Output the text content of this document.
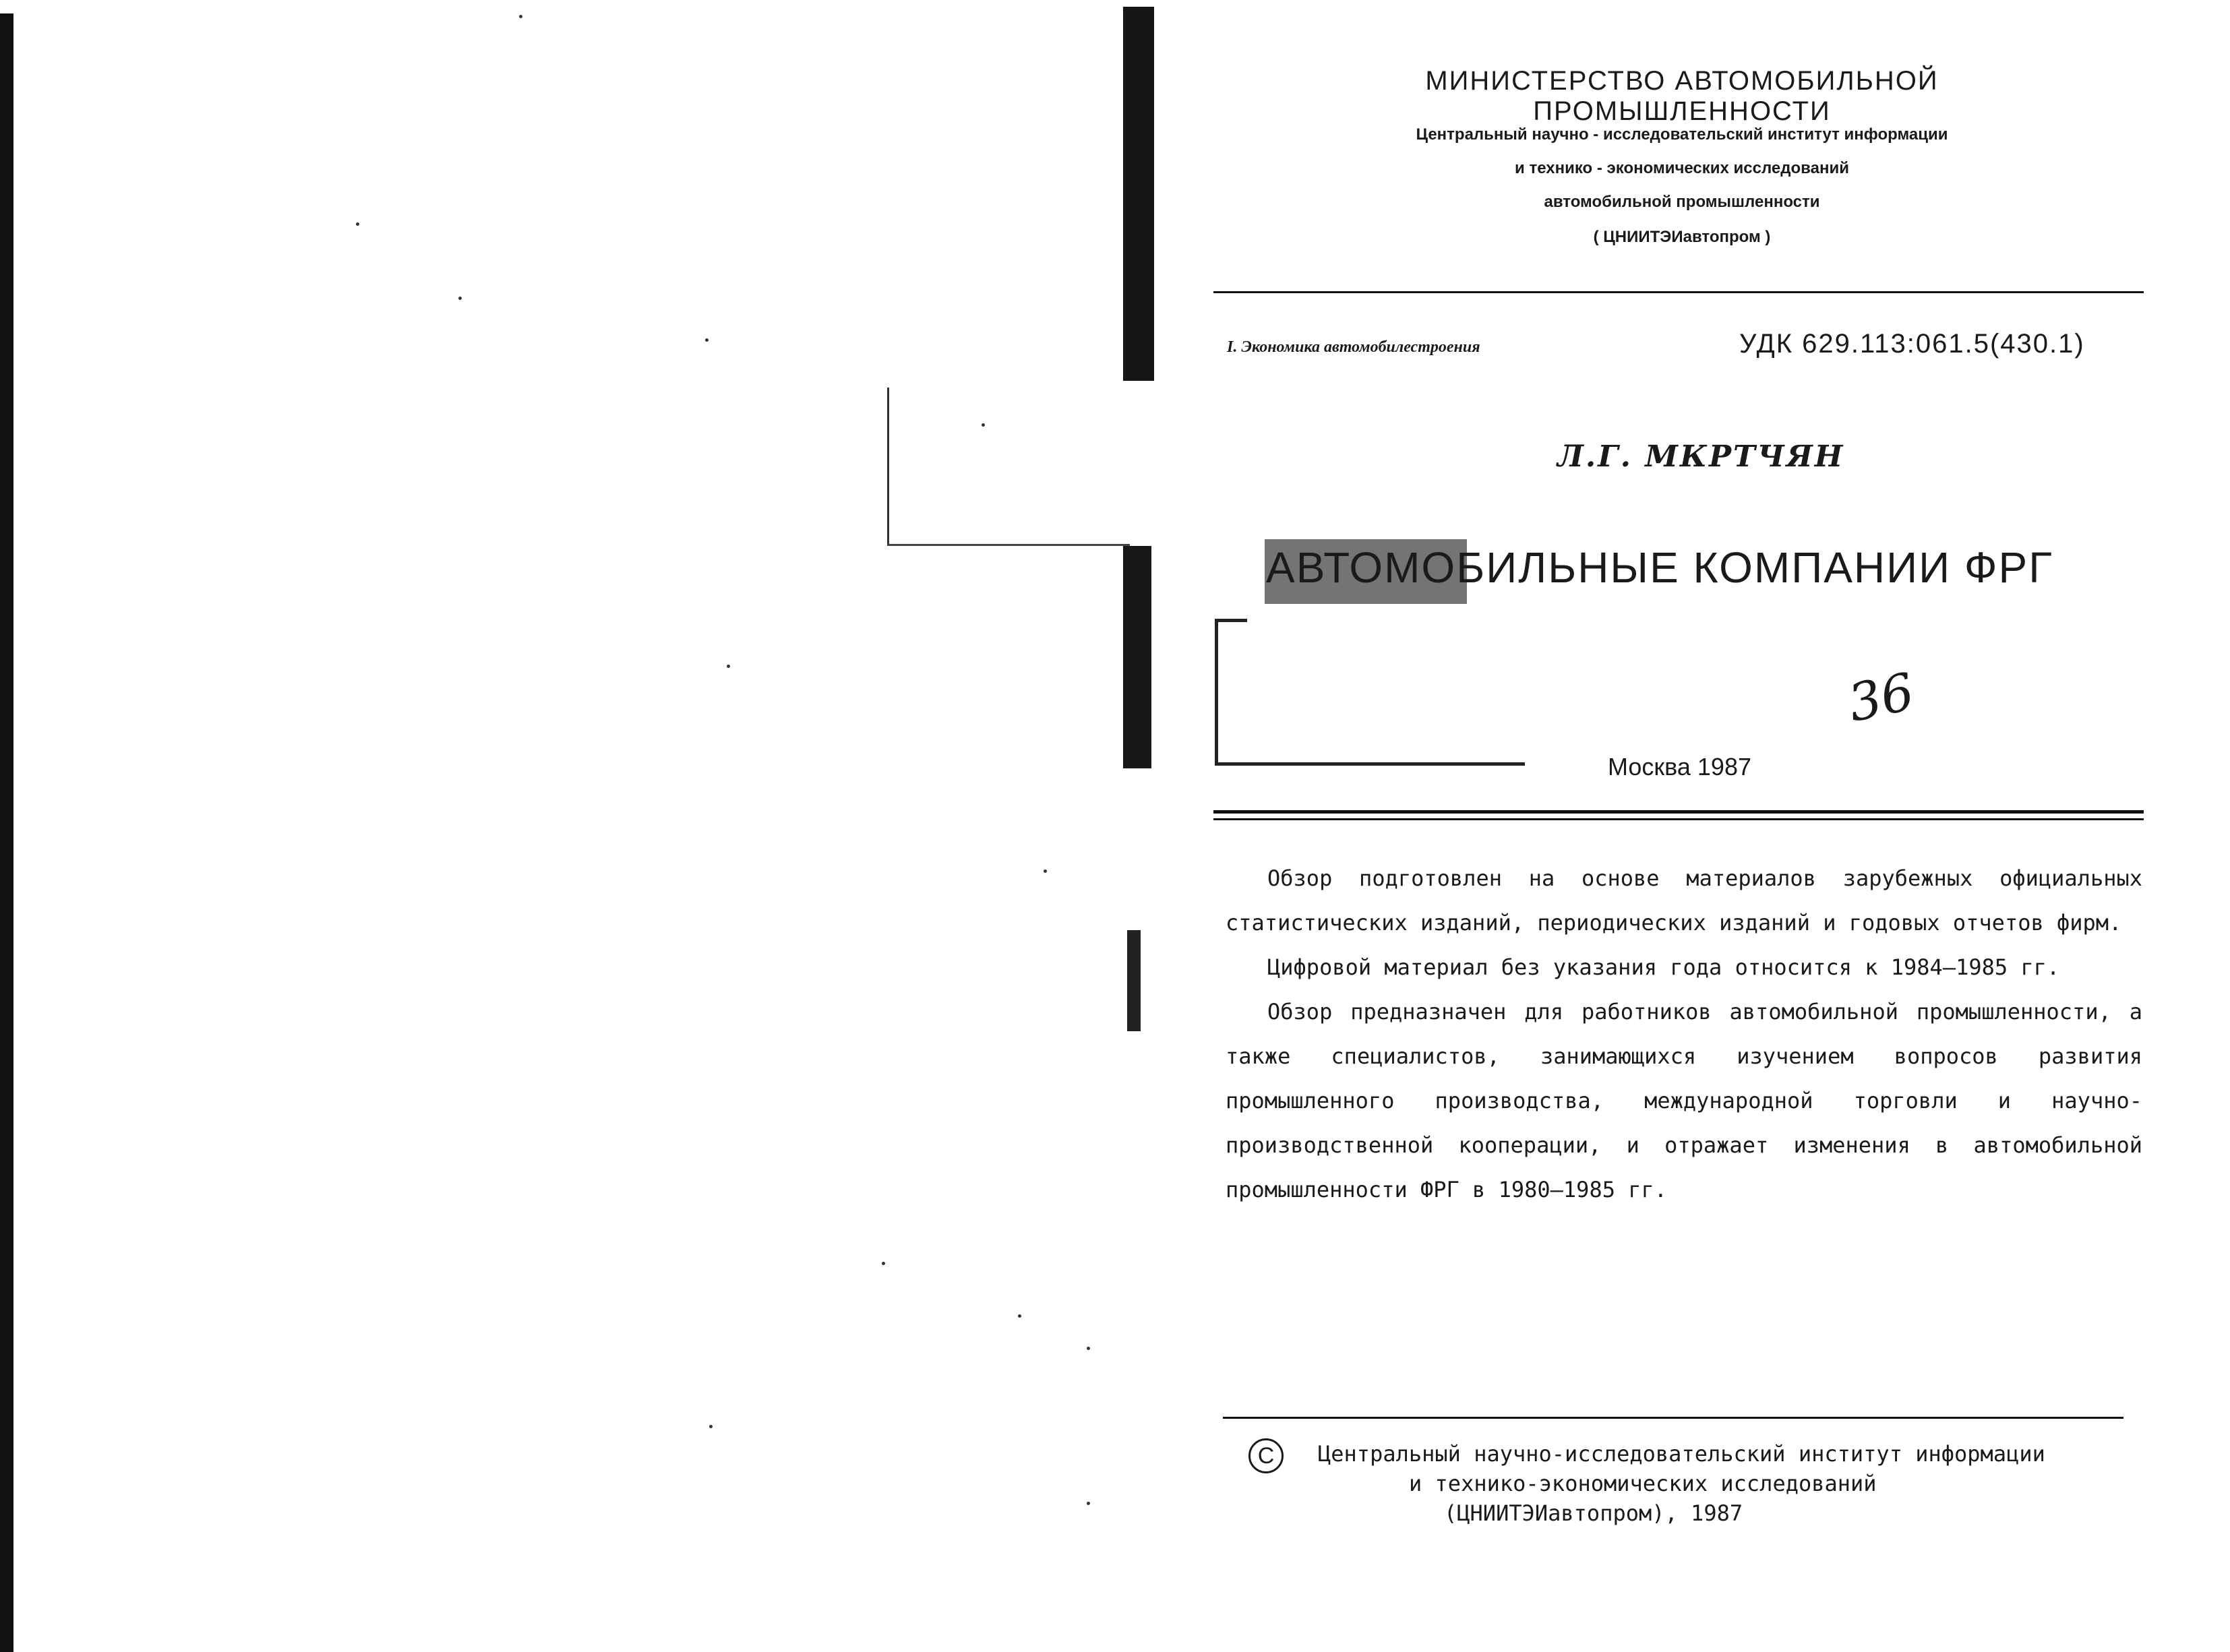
МИНИСТЕРСТВО АВТОМОБИЛЬНОЙ ПРОМЫШЛЕННОСТИ
Центральный научно - исследовательский институт информации
и технико - экономических исследований
автомобильной промышленности
( ЦНИИТЭИавтопром )
I. Экономика автомобилестроения	УДК 629.113:061.5(430.1)
Л.Г. МКРТЧЯН
АВТОМОБИЛЬНЫЕ КОМПАНИИ ФРГ
36
Москва 1987

Обзор подготовлен на основе материалов зарубежных официальных статистических изданий, периодических изданий и годовых отчетов фирм.

Цифровой материал без указания года относится к 1984–1985 гг.

Обзор предназначен для работников автомобильной промышленности, а также специалистов, занимающихся изучением вопросов развития промышленного производства, международной торговли и научно-производственной кооперации, и отражает изменения в автомобильной промышленности ФРГ в 1980–1985 гг.

C	Центральный научно-исследовательский институт информации
и технико-экономических исследований
(ЦНИИТЭИавтопром), 1987
